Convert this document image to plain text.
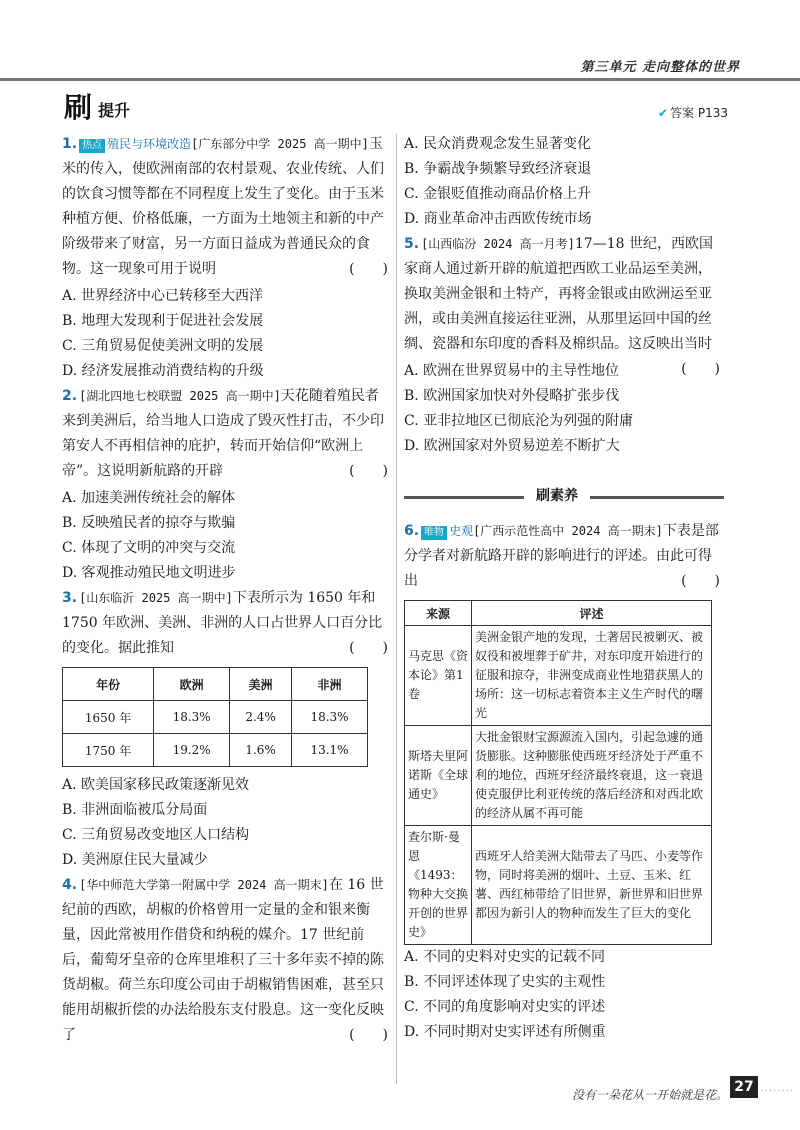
第三单元 走向整体的世界
刷 提升	✔ 答案 P133
1. 热点 殖民与环境改造[广东部分中学 2025 高一期中]玉米的传入，使欧洲南部的农村景观、农业传统、人们的饮食习惯等都在不同程度上发生了变化。由于玉米种植方便、价格低廉，一方面为土地领主和新的中产阶级带来了财富，另一方面日益成为普通民众的食物。这一现象可用于说明	(　　)
A. 世界经济中心已转移至大西洋
B. 地理大发现利于促进社会发展
C. 三角贸易促使美洲文明的发展
D. 经济发展推动消费结构的升级
2. [湖北四地七校联盟 2025 高一期中]天花随着殖民者来到美洲后，给当地人口造成了毁灭性打击，不少印第安人不再相信神的庇护，转而开始信仰“欧洲上帝”。这说明新航路的开辟	(　　)
A. 加速美洲传统社会的解体
B. 反映殖民者的掠夺与欺骗
C. 体现了文明的冲突与交流
D. 客观推动殖民地文明进步
3. [山东临沂 2025 高一期中]下表所示为 1650 年和 1750 年欧洲、美洲、非洲的人口占世界人口百分比的变化。据此推知	(　　)
年份	欧洲	美洲	非洲
1650 年	18.3%	2.4%	18.3%
1750 年	19.2%	1.6%	13.1%
A. 欧美国家移民政策逐渐见效
B. 非洲面临被瓜分局面
C. 三角贸易改变地区人口结构
D. 美洲原住民大量减少
4. [华中师范大学第一附属中学 2024 高一期末]在 16 世纪前的西欧，胡椒的价格曾用一定量的金和银来衡量，因此常被用作借贷和纳税的媒介。17 世纪前后，葡萄牙皇帝的仓库里堆积了三十多年卖不掉的陈货胡椒。荷兰东印度公司由于胡椒销售困难，甚至只能用胡椒折偿的办法给股东支付股息。这一变化反映了	(　　)
A. 民众消费观念发生显著变化
B. 争霸战争频繁导致经济衰退
C. 金银贬值推动商品价格上升
D. 商业革命冲击西欧传统市场
5. [山西临汾 2024 高一月考]17—18 世纪，西欧国家商人通过新开辟的航道把西欧工业品运至美洲，换取美洲金银和土特产，再将金银或由欧洲运至亚洲，或由美洲直接运往亚洲，从那里运回中国的丝绸、瓷器和东印度的香料及棉织品。这反映出当时
(　　)
A. 欧洲在世界贸易中的主导性地位
B. 欧洲国家加快对外侵略扩张步伐
C. 亚非拉地区已彻底沦为列强的附庸
D. 欧洲国家对外贸易逆差不断扩大
刷素养
6. 唯物 史观[广西示范性高中 2024 高一期末]下表是部分学者对新航路开辟的影响进行的评述。由此可得出	(　　)
来源	评述
马克思《资本论》第1卷	美洲金银产地的发现，土著居民被剿灭、被奴役和被埋葬于矿井，对东印度开始进行的征服和掠夺，非洲变成商业性地猎获黑人的场所：这一切标志着资本主义生产时代的曙光
斯塔夫里阿诺斯《全球通史》	大批金银财宝源源流入国内，引起急遽的通货膨胀。这种膨胀使西班牙经济处于严重不利的地位，西班牙经济最终衰退，这一衰退使克服伊比利亚传统的落后经济和对西北欧的经济从属不再可能
查尔斯·曼恩《1493：物种大交换开创的世界史》	西班牙人给美洲大陆带去了马匹、小麦等作物，同时将美洲的烟叶、土豆、玉米、红薯、西红柿带给了旧世界，新世界和旧世界都因为新引人的物种而发生了巨大的变化
A. 不同的史料对史实的记载不同
B. 不同评述体现了史实的主观性
C. 不同的角度影响对史实的评述
D. 不同时期对史实评述有所侧重
没有一朵花从一开始就是花。 27 ········
